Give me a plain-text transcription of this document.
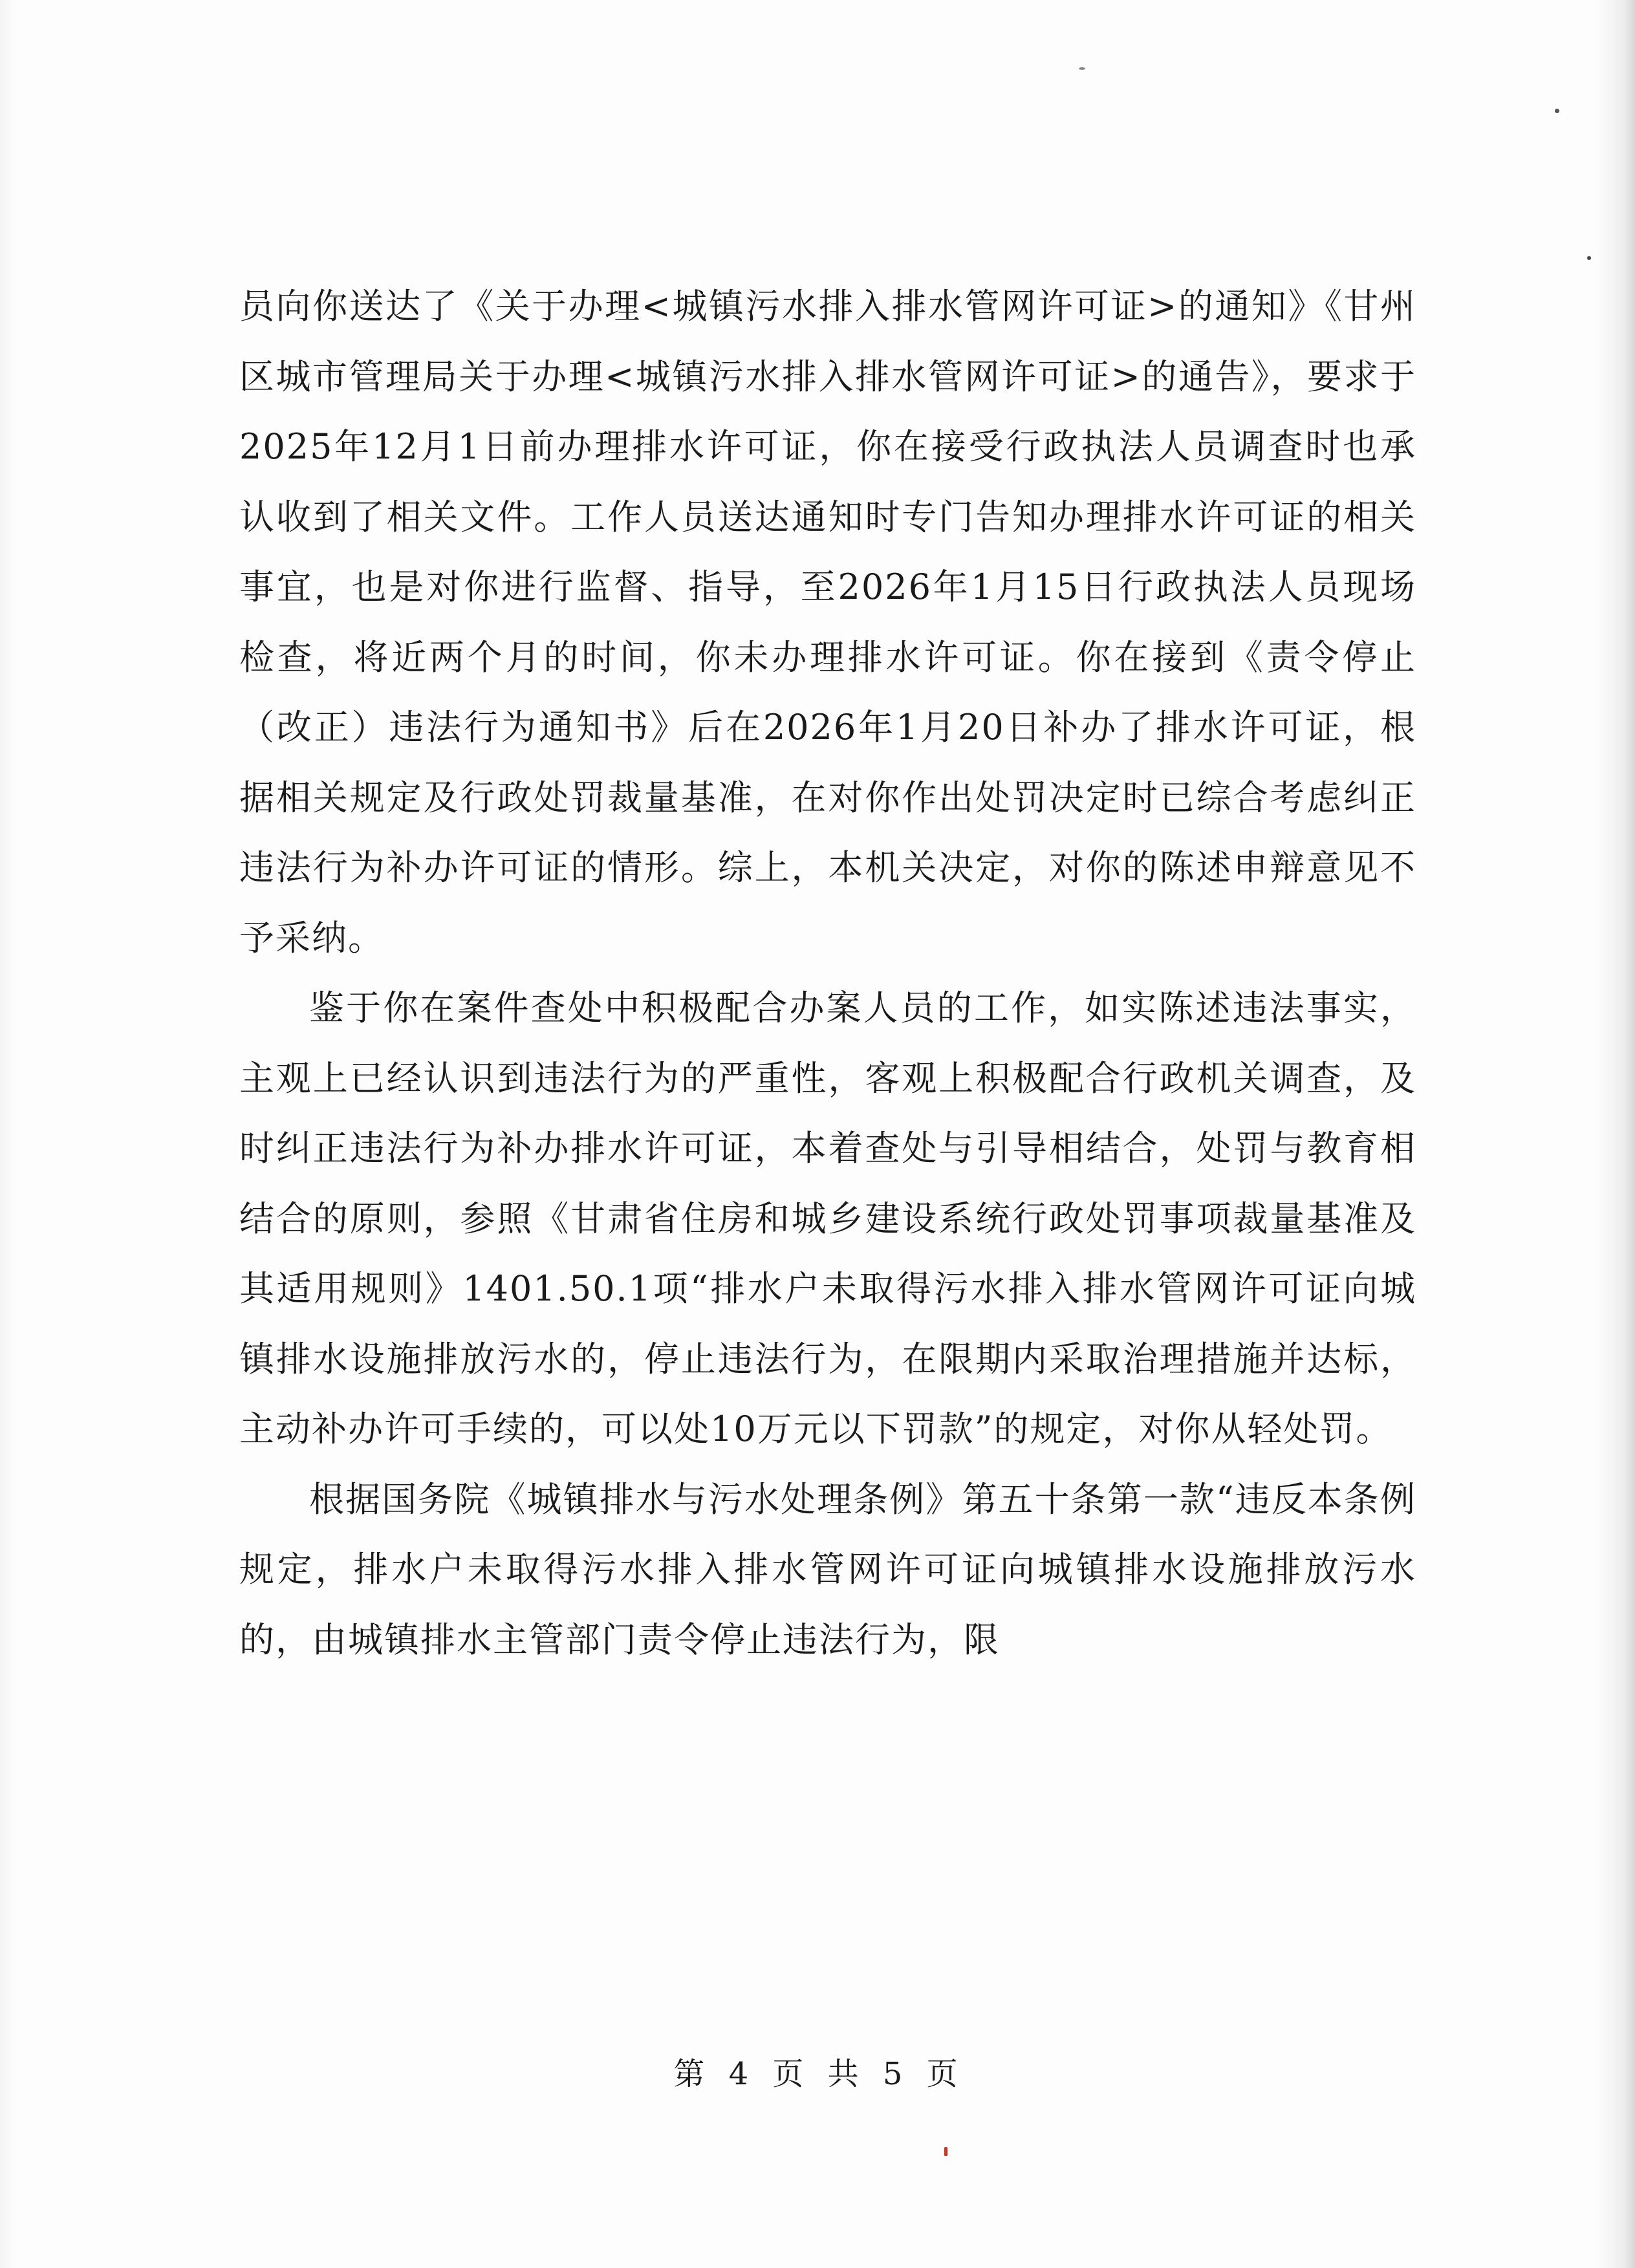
员向你送达了《关于办理<城镇污水排入排水管网许可证>的通知》《甘州区城市管理局关于办理<城镇污水排入排水管网许可证>的通告》，要求于2025年12月1日前办理排水许可证，你在接受行政执法人员调查时也承认收到了相关文件。工作人员送达通知时专门告知办理排水许可证的相关事宜，也是对你进行监督、指导，至2026年1月15日行政执法人员现场检查，将近两个月的时间，你未办理排水许可证。你在接到《责令停止（改正）违法行为通知书》后在2026年1月20日补办了排水许可证，根据相关规定及行政处罚裁量基准，在对你作出处罚决定时已综合考虑纠正违法行为补办许可证的情形。综上，本机关决定，对你的陈述申辩意见不予采纳。

鉴于你在案件查处中积极配合办案人员的工作，如实陈述违法事实，主观上已经认识到违法行为的严重性，客观上积极配合行政机关调查，及时纠正违法行为补办排水许可证，本着查处与引导相结合，处罚与教育相结合的原则，参照《甘肃省住房和城乡建设系统行政处罚事项裁量基准及其适用规则》1401.50.1项“排水户未取得污水排入排水管网许可证向城镇排水设施排放污水的，停止违法行为，在限期内采取治理措施并达标，主动补办许可手续的，可以处10万元以下罚款”的规定，对你从轻处罚。

根据国务院《城镇排水与污水处理条例》第五十条第一款“违反本条例规定，排水户未取得污水排入排水管网许可证向城镇排水设施排放污水的，由城镇排水主管部门责令停止违法行为，限

第 4 页 共 5 页
